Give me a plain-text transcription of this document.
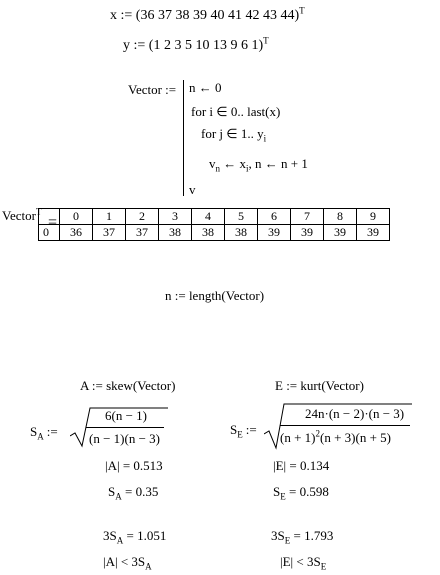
x := (36 37 38 39 40 41 42 43 44)$^T$
y := (1 2 3 5 10 13 9 6 1)$^T$
Vector := n ← 0
for i ∈ 0.. last(x)
for j ∈ 1.. $y_i$
$v_n$ ← $x_i$, n ← n + 1
v
Vector$^T$
=
	0	1	2	3	4	5	6	7	8	9
0	36	37	37	38	38	38	39	39	39	39
n := length(Vector)
A := skew(Vector)	E := kurt(Vector)
$S_A$ :=
6(n − 1)
(n − 1)(n − 3)
$S_E$ :=
24n·(n − 2)·(n − 3)
$(n + 1)^2(n + 3)(n + 5)$
|A| = 0.513	|E| = 0.134
$S_A = 0.35$	$S_E = 0.598$
$3S_A = 1.051$	$3S_E = 1.793$
$|A| < 3S_A$	$|E| < 3S_E$
